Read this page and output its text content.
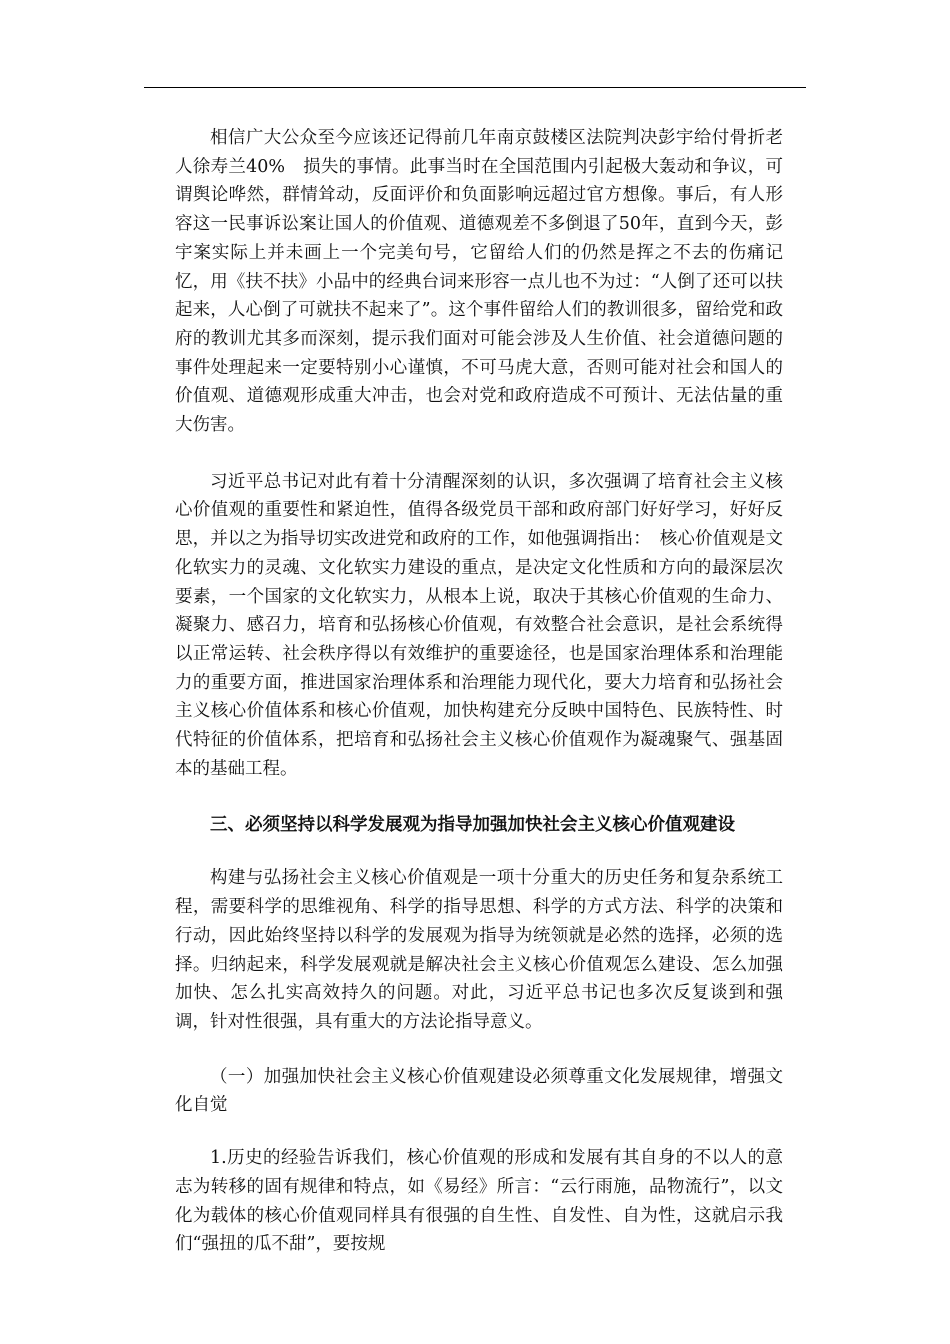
相信广大公众至今应该还记得前几年南京鼓楼区法院判决彭宇给付骨折老人徐寿兰40%　损失的事情。此事当时在全国范围内引起极大轰动和争议，可谓舆论哗然，群情耸动，反面评价和负面影响远超过官方想像。事后，有人形容这一民事诉讼案让国人的价值观、道德观差不多倒退了50年，直到今天，彭宇案实际上并未画上一个完美句号，它留给人们的仍然是挥之不去的伤痛记忆，用《扶不扶》小品中的经典台词来形容一点儿也不为过：“人倒了还可以扶起来，人心倒了可就扶不起来了”。这个事件留给人们的教训很多，留给党和政府的教训尤其多而深刻，提示我们面对可能会涉及人生价值、社会道德问题的事件处理起来一定要特别小心谨慎，不可马虎大意，否则可能对社会和国人的价值观、道德观形成重大冲击，也会对党和政府造成不可预计、无法估量的重大伤害。

习近平总书记对此有着十分清醒深刻的认识，多次强调了培育社会主义核心价值观的重要性和紧迫性，值得各级党员干部和政府部门好好学习，好好反思，并以之为指导切实改进党和政府的工作，如他强调指出：　核心价值观是文化软实力的灵魂、文化软实力建设的重点，是决定文化性质和方向的最深层次要素，一个国家的文化软实力，从根本上说，取决于其核心价值观的生命力、凝聚力、感召力，培育和弘扬核心价值观，有效整合社会意识，是社会系统得以正常运转、社会秩序得以有效维护的重要途径，也是国家治理体系和治理能力的重要方面，推进国家治理体系和治理能力现代化，要大力培育和弘扬社会主义核心价值体系和核心价值观，加快构建充分反映中国特色、民族特性、时代特征的价值体系，把培育和弘扬社会主义核心价值观作为凝魂聚气、强基固本的基础工程。

三、必须坚持以科学发展观为指导加强加快社会主义核心价值观建设

构建与弘扬社会主义核心价值观是一项十分重大的历史任务和复杂系统工程，需要科学的思维视角、科学的指导思想、科学的方式方法、科学的决策和行动，因此始终坚持以科学的发展观为指导为统领就是必然的选择，必须的选择。归纳起来，科学发展观就是解决社会主义核心价值观怎么建设、怎么加强加快、怎么扎实高效持久的问题。对此，习近平总书记也多次反复谈到和强调，针对性很强，具有重大的方法论指导意义。

（一）加强加快社会主义核心价值观建设必须尊重文化发展规律，增强文化自觉

1.历史的经验告诉我们，核心价值观的形成和发展有其自身的不以人的意志为转移的固有规律和特点，如《易经》所言：“云行雨施，品物流行”，以文化为载体的核心价值观同样具有很强的自生性、自发性、自为性，这就启示我们“强扭的瓜不甜”，要按规
